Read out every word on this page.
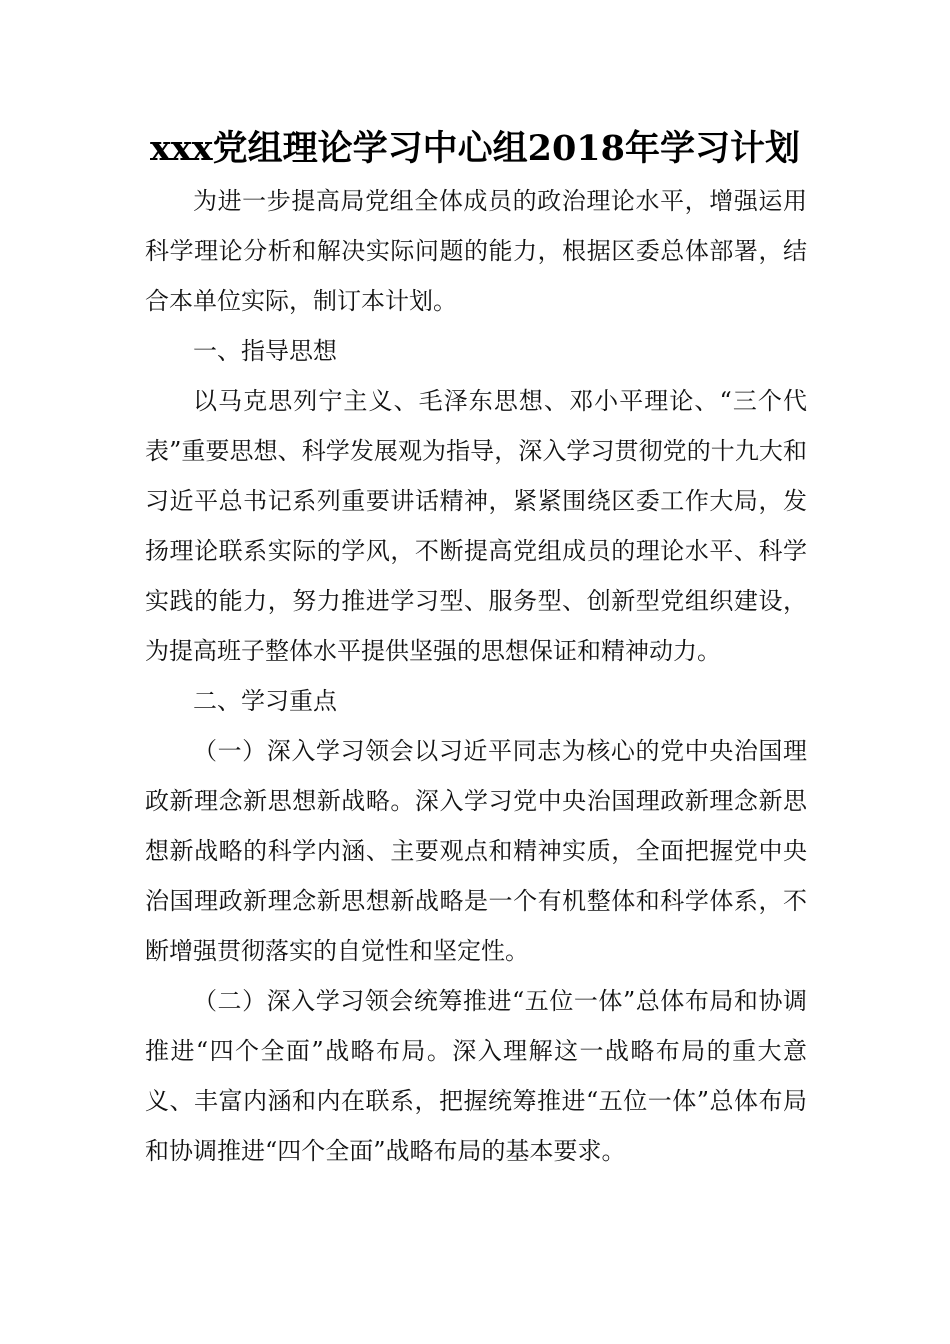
xxx党组理论学习中心组2018年学习计划

为进一步提高局党组全体成员的政治理论水平，增强运用科学理论分析和解决实际问题的能力，根据区委总体部署，结合本单位实际，制订本计划。

一、指导思想

以马克思列宁主义、毛泽东思想、邓小平理论、“三个代表”重要思想、科学发展观为指导，深入学习贯彻党的十九大和习近平总书记系列重要讲话精神，紧紧围绕区委工作大局，发扬理论联系实际的学风，不断提高党组成员的理论水平、科学实践的能力，努力推进学习型、服务型、创新型党组织建设，为提高班子整体水平提供坚强的思想保证和精神动力。

二、学习重点

（一）深入学习领会以习近平同志为核心的党中央治国理政新理念新思想新战略。深入学习党中央治国理政新理念新思想新战略的科学内涵、主要观点和精神实质，全面把握党中央治国理政新理念新思想新战略是一个有机整体和科学体系，不断增强贯彻落实的自觉性和坚定性。

（二）深入学习领会统筹推进“五位一体”总体布局和协调推进“四个全面”战略布局。深入理解这一战略布局的重大意义、丰富内涵和内在联系，把握统筹推进“五位一体”总体布局和协调推进“四个全面”战略布局的基本要求。
